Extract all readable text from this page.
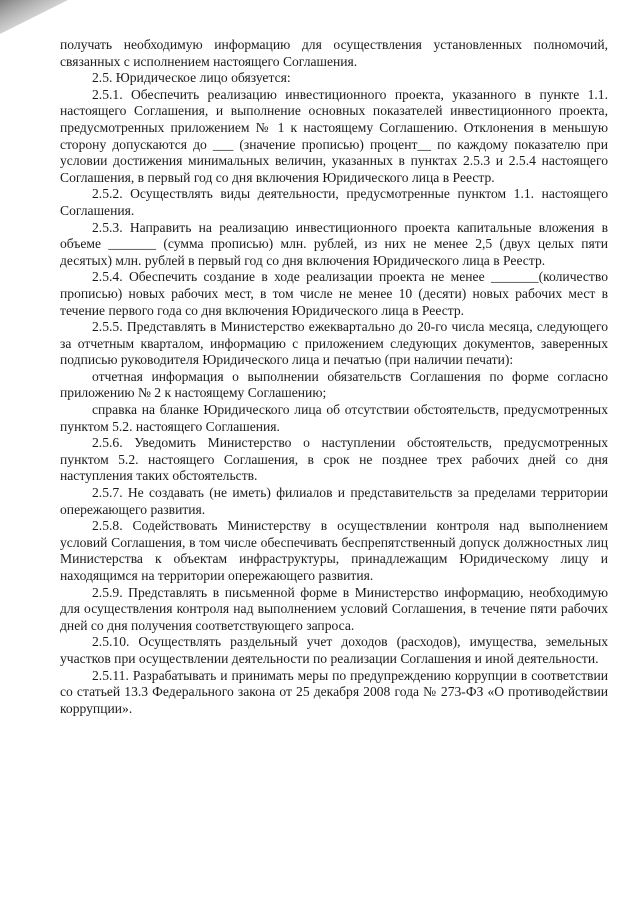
получать необходимую информацию для осуществления установленных полномочий, связанных с исполнением настоящего Соглашения.

2.5. Юридическое лицо обязуется:

2.5.1. Обеспечить реализацию инвестиционного проекта, указанного в пункте 1.1. настоящего Соглашения, и выполнение основных показателей инвестиционного проекта, предусмотренных приложением № 1 к настоящему Соглашению. Отклонения в меньшую сторону допускаются до ___ (значение прописью) процент__ по каждому показателю при условии достижения минимальных величин, указанных в пунктах 2.5.3 и 2.5.4 настоящего Соглашения, в первый год со дня включения Юридического лица в Реестр.

2.5.2. Осуществлять виды деятельности, предусмотренные пунктом 1.1. настоящего Соглашения.

2.5.3. Направить на реализацию инвестиционного проекта капитальные вложения в объеме _______ (сумма прописью) млн. рублей, из них не менее 2,5 (двух целых пяти десятых) млн. рублей в первый год со дня включения Юридического лица в Реестр.

2.5.4. Обеспечить создание в ходе реализации проекта не менее _______(количество прописью) новых рабочих мест, в том числе не менее 10 (десяти) новых рабочих мест в течение первого года со дня включения Юридического лица в Реестр.

2.5.5. Представлять в Министерство ежеквартально до 20-го числа месяца, следующего за отчетным кварталом, информацию с приложением следующих документов, заверенных подписью руководителя Юридического лица и печатью (при наличии печати):

отчетная информация о выполнении обязательств Соглашения по форме согласно приложению № 2 к настоящему Соглашению;

справка на бланке Юридического лица об отсутствии обстоятельств, предусмотренных пунктом 5.2. настоящего Соглашения.

2.5.6. Уведомить Министерство о наступлении обстоятельств, предусмотренных пунктом 5.2. настоящего Соглашения, в срок не позднее трех рабочих дней со дня наступления таких обстоятельств.

2.5.7. Не создавать (не иметь) филиалов и представительств за пределами территории опережающего развития.

2.5.8. Содействовать Министерству в осуществлении контроля над выполнением условий Соглашения, в том числе обеспечивать беспрепятственный допуск должностных лиц Министерства к объектам инфраструктуры, принадлежащим Юридическому лицу и находящимся на территории опережающего развития.

2.5.9. Представлять в письменной форме в Министерство информацию, необходимую для осуществления контроля над выполнением условий Соглашения, в течение пяти рабочих дней со дня получения соответствующего запроса.

2.5.10. Осуществлять раздельный учет доходов (расходов), имущества, земельных участков при осуществлении деятельности по реализации Соглашения и иной деятельности.

2.5.11. Разрабатывать и принимать меры по предупреждению коррупции в соответствии со статьей 13.3 Федерального закона от 25 декабря 2008 года № 273-ФЗ «О противодействии коррупции».
